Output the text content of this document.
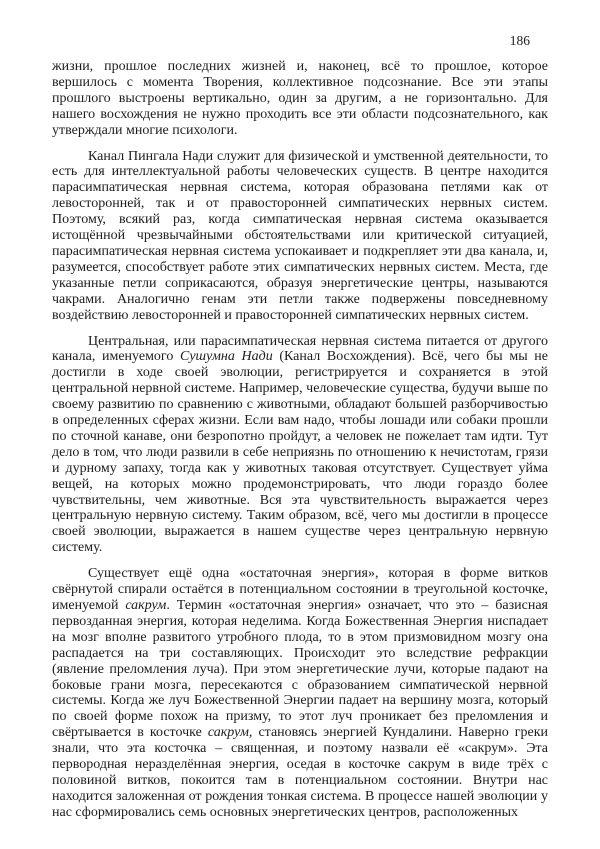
186

жизни, прошлое последних жизней и, наконец, всё то прошлое, которое вершилось с момента Творения, коллективное подсознание. Все эти этапы прошлого выстроены вертикально, один за другим, а не горизонтально. Для нашего восхождения не нужно проходить все эти области подсознательного, как утверждали многие психологи.

Канал Пингала Нади служит для физической и умственной деятельности, то есть для интеллектуальной работы человеческих существ. В центре находится парасимпатическая нервная система, которая образована петлями как от левосторонней, так и от правосторонней симпатических нервных систем. Поэтому, всякий раз, когда симпатическая нервная система оказывается истощённой чрезвычайными обстоятельствами или критической ситуацией, парасимпатическая нервная система успокаивает и подкрепляет эти два канала, и, разумеется, способствует работе этих симпатических нервных систем. Места, где указанные петли соприкасаются, образуя энергетические центры, называются чакрами. Аналогично генам эти петли также подвержены повседневному воздействию левосторонней и правосторонней симпатических нервных систем.

Центральная, или парасимпатическая нервная система питается от другого канала, именуемого Сушумна Нади (Канал Восхождения). Всё, чего бы мы не достигли в ходе своей эволюции, регистрируется и сохраняется в этой центральной нервной системе. Например, человеческие существа, будучи выше по своему развитию по сравнению с животными, обладают большей разборчивостью в определенных сферах жизни. Если вам надо, чтобы лошади или собаки прошли по сточной канаве, они безропотно пройдут, а человек не пожелает там идти. Тут дело в том, что люди развили в себе неприязнь по отношению к нечистотам, грязи и дурному запаху, тогда как у животных таковая отсутствует. Существует уйма вещей, на которых можно продемонстрировать, что люди гораздо более чувствительны, чем животные. Вся эта чувствительность выражается через центральную нервную систему. Таким образом, всё, чего мы достигли в процессе своей эволюции, выражается в нашем существе через центральную нервную систему.

Существует ещё одна «остаточная энергия», которая в форме витков свёрнутой спирали остаётся в потенциальном состоянии в треугольной косточке, именуемой сакрум. Термин «остаточная энергия» означает, что это – базисная первозданная энергия, которая неделима. Когда Божественная Энергия ниспадает на мозг вполне развитого утробного плода, то в этом призмовидном мозгу она распадается на три составляющих. Происходит это вследствие рефракции (явление преломления луча). При этом энергетические лучи, которые падают на боковые грани мозга, пересекаются с образованием симпатической нервной системы. Когда же луч Божественной Энергии падает на вершину мозга, который по своей форме похож на призму, то этот луч проникает без преломления и свёртывается в косточке сакрум, становясь энергией Кундалини. Наверно греки знали, что эта косточка – священная, и поэтому назвали её «сакрум». Эта первородная неразделённая энергия, оседая в косточке сакрум в виде трёх с половиной витков, покоится там в потенциальном состоянии. Внутри нас находится заложенная от рождения тонкая система. В процессе нашей эволюции у нас сформировались семь основных энергетических центров, расположенных
